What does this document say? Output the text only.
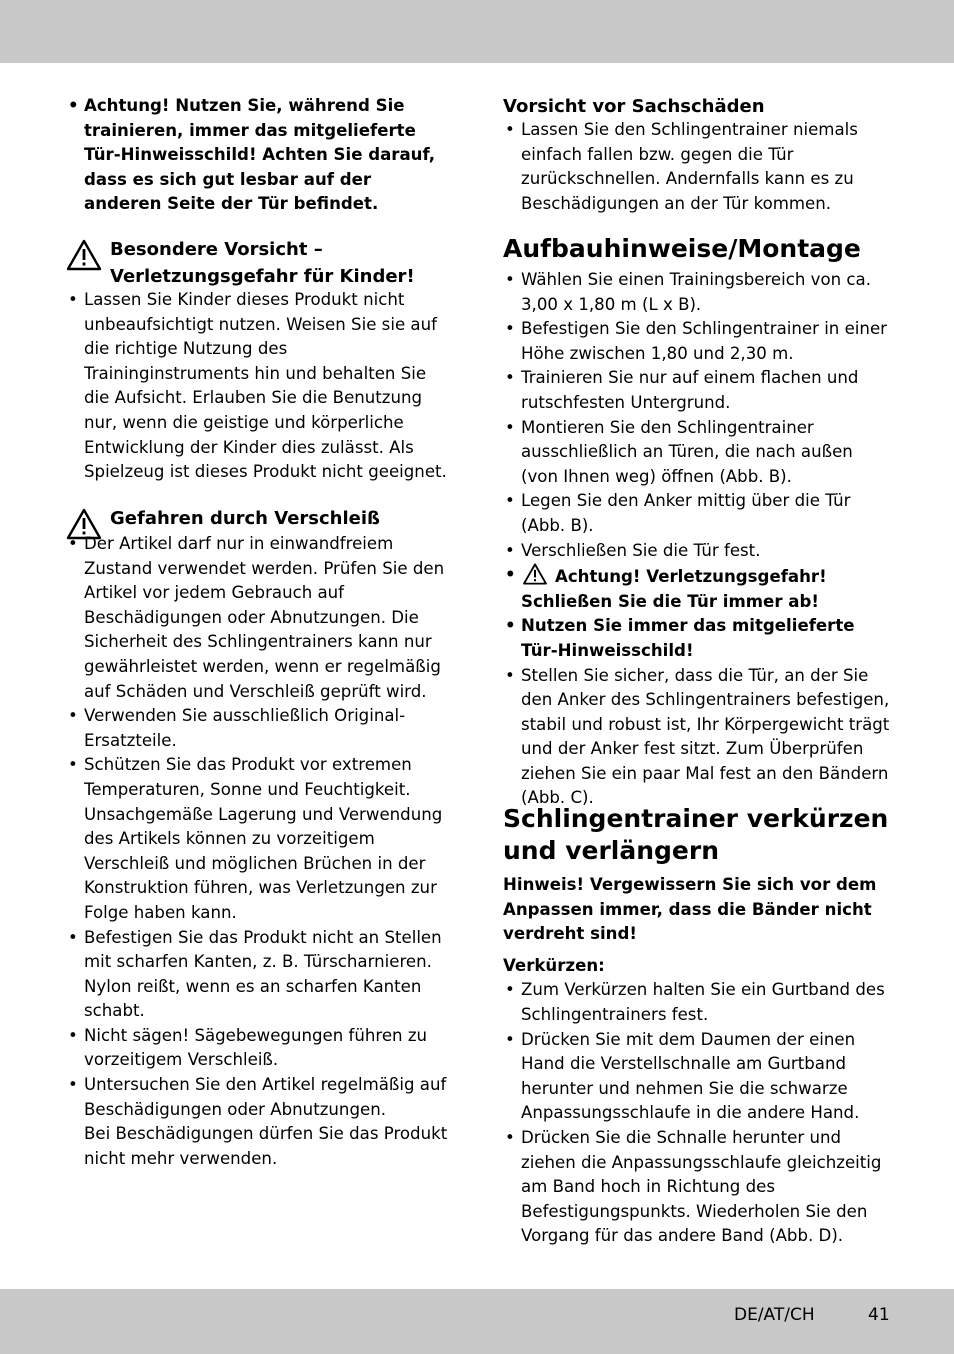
• Achtung! Nutzen Sie, während Sie trainieren, immer das mitgelieferte Tür-Hinweisschild! Achten Sie darauf, dass es sich gut lesbar auf der anderen Seite der Tür befindet.
Besondere Vorsicht – Verletzungsgefahr für Kinder!
• Lassen Sie Kinder dieses Produkt nicht unbeaufsichtigt nutzen. Weisen Sie sie auf die richtige Nutzung des Traininginstruments hin und behalten Sie die Aufsicht. Erlauben Sie die Benutzung nur, wenn die geistige und körperliche Entwicklung der Kinder dies zulässt. Als Spielzeug ist dieses Produkt nicht geeignet.
Gefahren durch Verschleiß
• Der Artikel darf nur in einwandfreiem Zustand verwendet werden. Prüfen Sie den Artikel vor jedem Gebrauch auf Beschädigungen oder Abnutzungen. Die Sicherheit des Schlingentrainers kann nur gewährleistet werden, wenn er regelmäßig auf Schäden und Verschleiß geprüft wird.
• Verwenden Sie ausschließlich Original-Ersatzteile.
• Schützen Sie das Produkt vor extremen Temperaturen, Sonne und Feuchtigkeit. Unsachgemäße Lagerung und Verwendung des Artikels können zu vorzeitigem Verschleiß und möglichen Brüchen in der Konstruktion führen, was Verletzungen zur Folge haben kann.
• Befestigen Sie das Produkt nicht an Stellen mit scharfen Kanten, z. B. Türscharnieren. Nylon reißt, wenn es an scharfen Kanten schabt.
• Nicht sägen! Sägebewegungen führen zu vorzeitigem Verschleiß.
• Untersuchen Sie den Artikel regelmäßig auf Beschädigungen oder Abnutzungen.
Bei Beschädigungen dürfen Sie das Produkt nicht mehr verwenden.
Vorsicht vor Sachschäden
• Lassen Sie den Schlingentrainer niemals einfach fallen bzw. gegen die Tür zurückschnellen. Andernfalls kann es zu Beschädigungen an der Tür kommen.
Aufbauhinweise/Montage
• Wählen Sie einen Trainingsbereich von ca. 3,00 x 1,80 m (L x B).
• Befestigen Sie den Schlingentrainer in einer Höhe zwischen 1,80 und 2,30 m.
• Trainieren Sie nur auf einem flachen und rutschfesten Untergrund.
• Montieren Sie den Schlingentrainer ausschließlich an Türen, die nach außen (von Ihnen weg) öffnen (Abb. B).
• Legen Sie den Anker mittig über die Tür (Abb. B).
• Verschließen Sie die Tür fest.
• Achtung! Verletzungsgefahr! Schließen Sie die Tür immer ab!
• Nutzen Sie immer das mitgelieferte Tür-Hinweisschild!
• Stellen Sie sicher, dass die Tür, an der Sie den Anker des Schlingentrainers befestigen, stabil und robust ist, Ihr Körpergewicht trägt und der Anker fest sitzt. Zum Überprüfen ziehen Sie ein paar Mal fest an den Bändern (Abb. C).
Schlingentrainer verkürzen und verlängern
Hinweis! Vergewissern Sie sich vor dem Anpassen immer, dass die Bänder nicht verdreht sind!
Verkürzen:
• Zum Verkürzen halten Sie ein Gurtband des Schlingentrainers fest.
• Drücken Sie mit dem Daumen der einen Hand die Verstellschnalle am Gurtband herunter und nehmen Sie die schwarze Anpassungsschlaufe in die andere Hand.
• Drücken Sie die Schnalle herunter und ziehen die Anpassungsschlaufe gleichzeitig am Band hoch in Richtung des Befestigungspunkts. Wiederholen Sie den Vorgang für das andere Band (Abb. D).
DE/AT/CH	41
